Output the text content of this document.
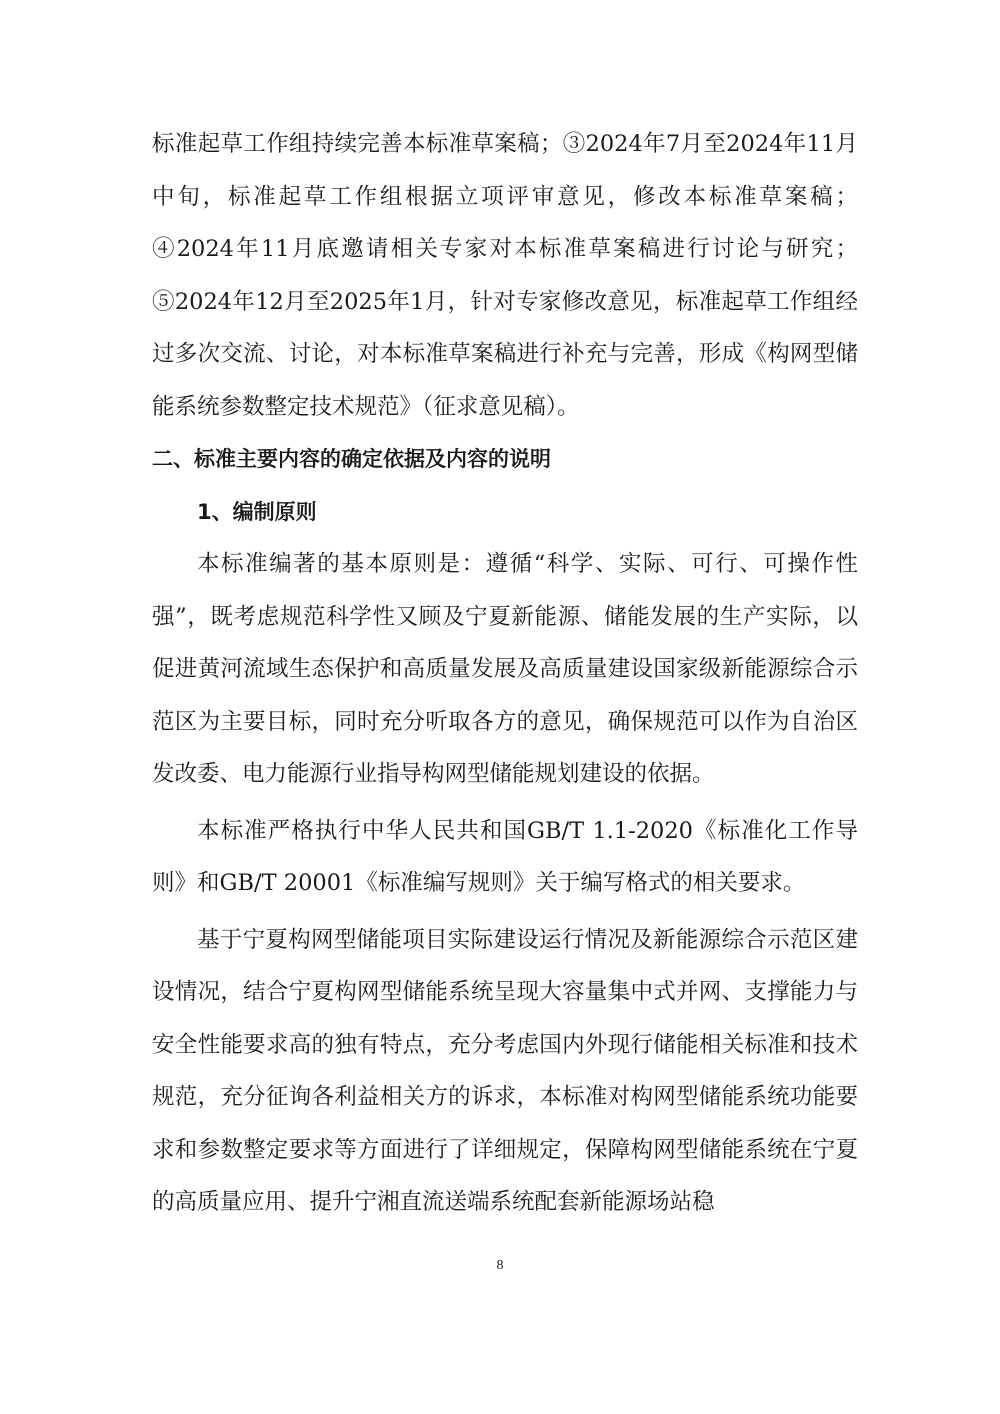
标准起草工作组持续完善本标准草案稿；③2024年7月至2024年11月中旬，标准起草工作组根据立项评审意见，修改本标准草案稿；④2024年11月底邀请相关专家对本标准草案稿进行讨论与研究；⑤2024年12月至2025年1月，针对专家修改意见，标准起草工作组经过多次交流、讨论，对本标准草案稿进行补充与完善，形成《构网型储能系统参数整定技术规范》（征求意见稿）。

二、标准主要内容的确定依据及内容的说明

1、编制原则

本标准编著的基本原则是：遵循“科学、实际、可行、可操作性强”，既考虑规范科学性又顾及宁夏新能源、储能发展的生产实际，以促进黄河流域生态保护和高质量发展及高质量建设国家级新能源综合示范区为主要目标，同时充分听取各方的意见，确保规范可以作为自治区发改委、电力能源行业指导构网型储能规划建设的依据。

本标准严格执行中华人民共和国GB/T 1.1-2020《标准化工作导则》和GB/T 20001《标准编写规则》关于编写格式的相关要求。

基于宁夏构网型储能项目实际建设运行情况及新能源综合示范区建设情况，结合宁夏构网型储能系统呈现大容量集中式并网、支撑能力与安全性能要求高的独有特点，充分考虑国内外现行储能相关标准和技术规范，充分征询各利益相关方的诉求，本标准对构网型储能系统功能要求和参数整定要求等方面进行了详细规定，保障构网型储能系统在宁夏的高质量应用、提升宁湘直流送端系统配套新能源场站稳

8
